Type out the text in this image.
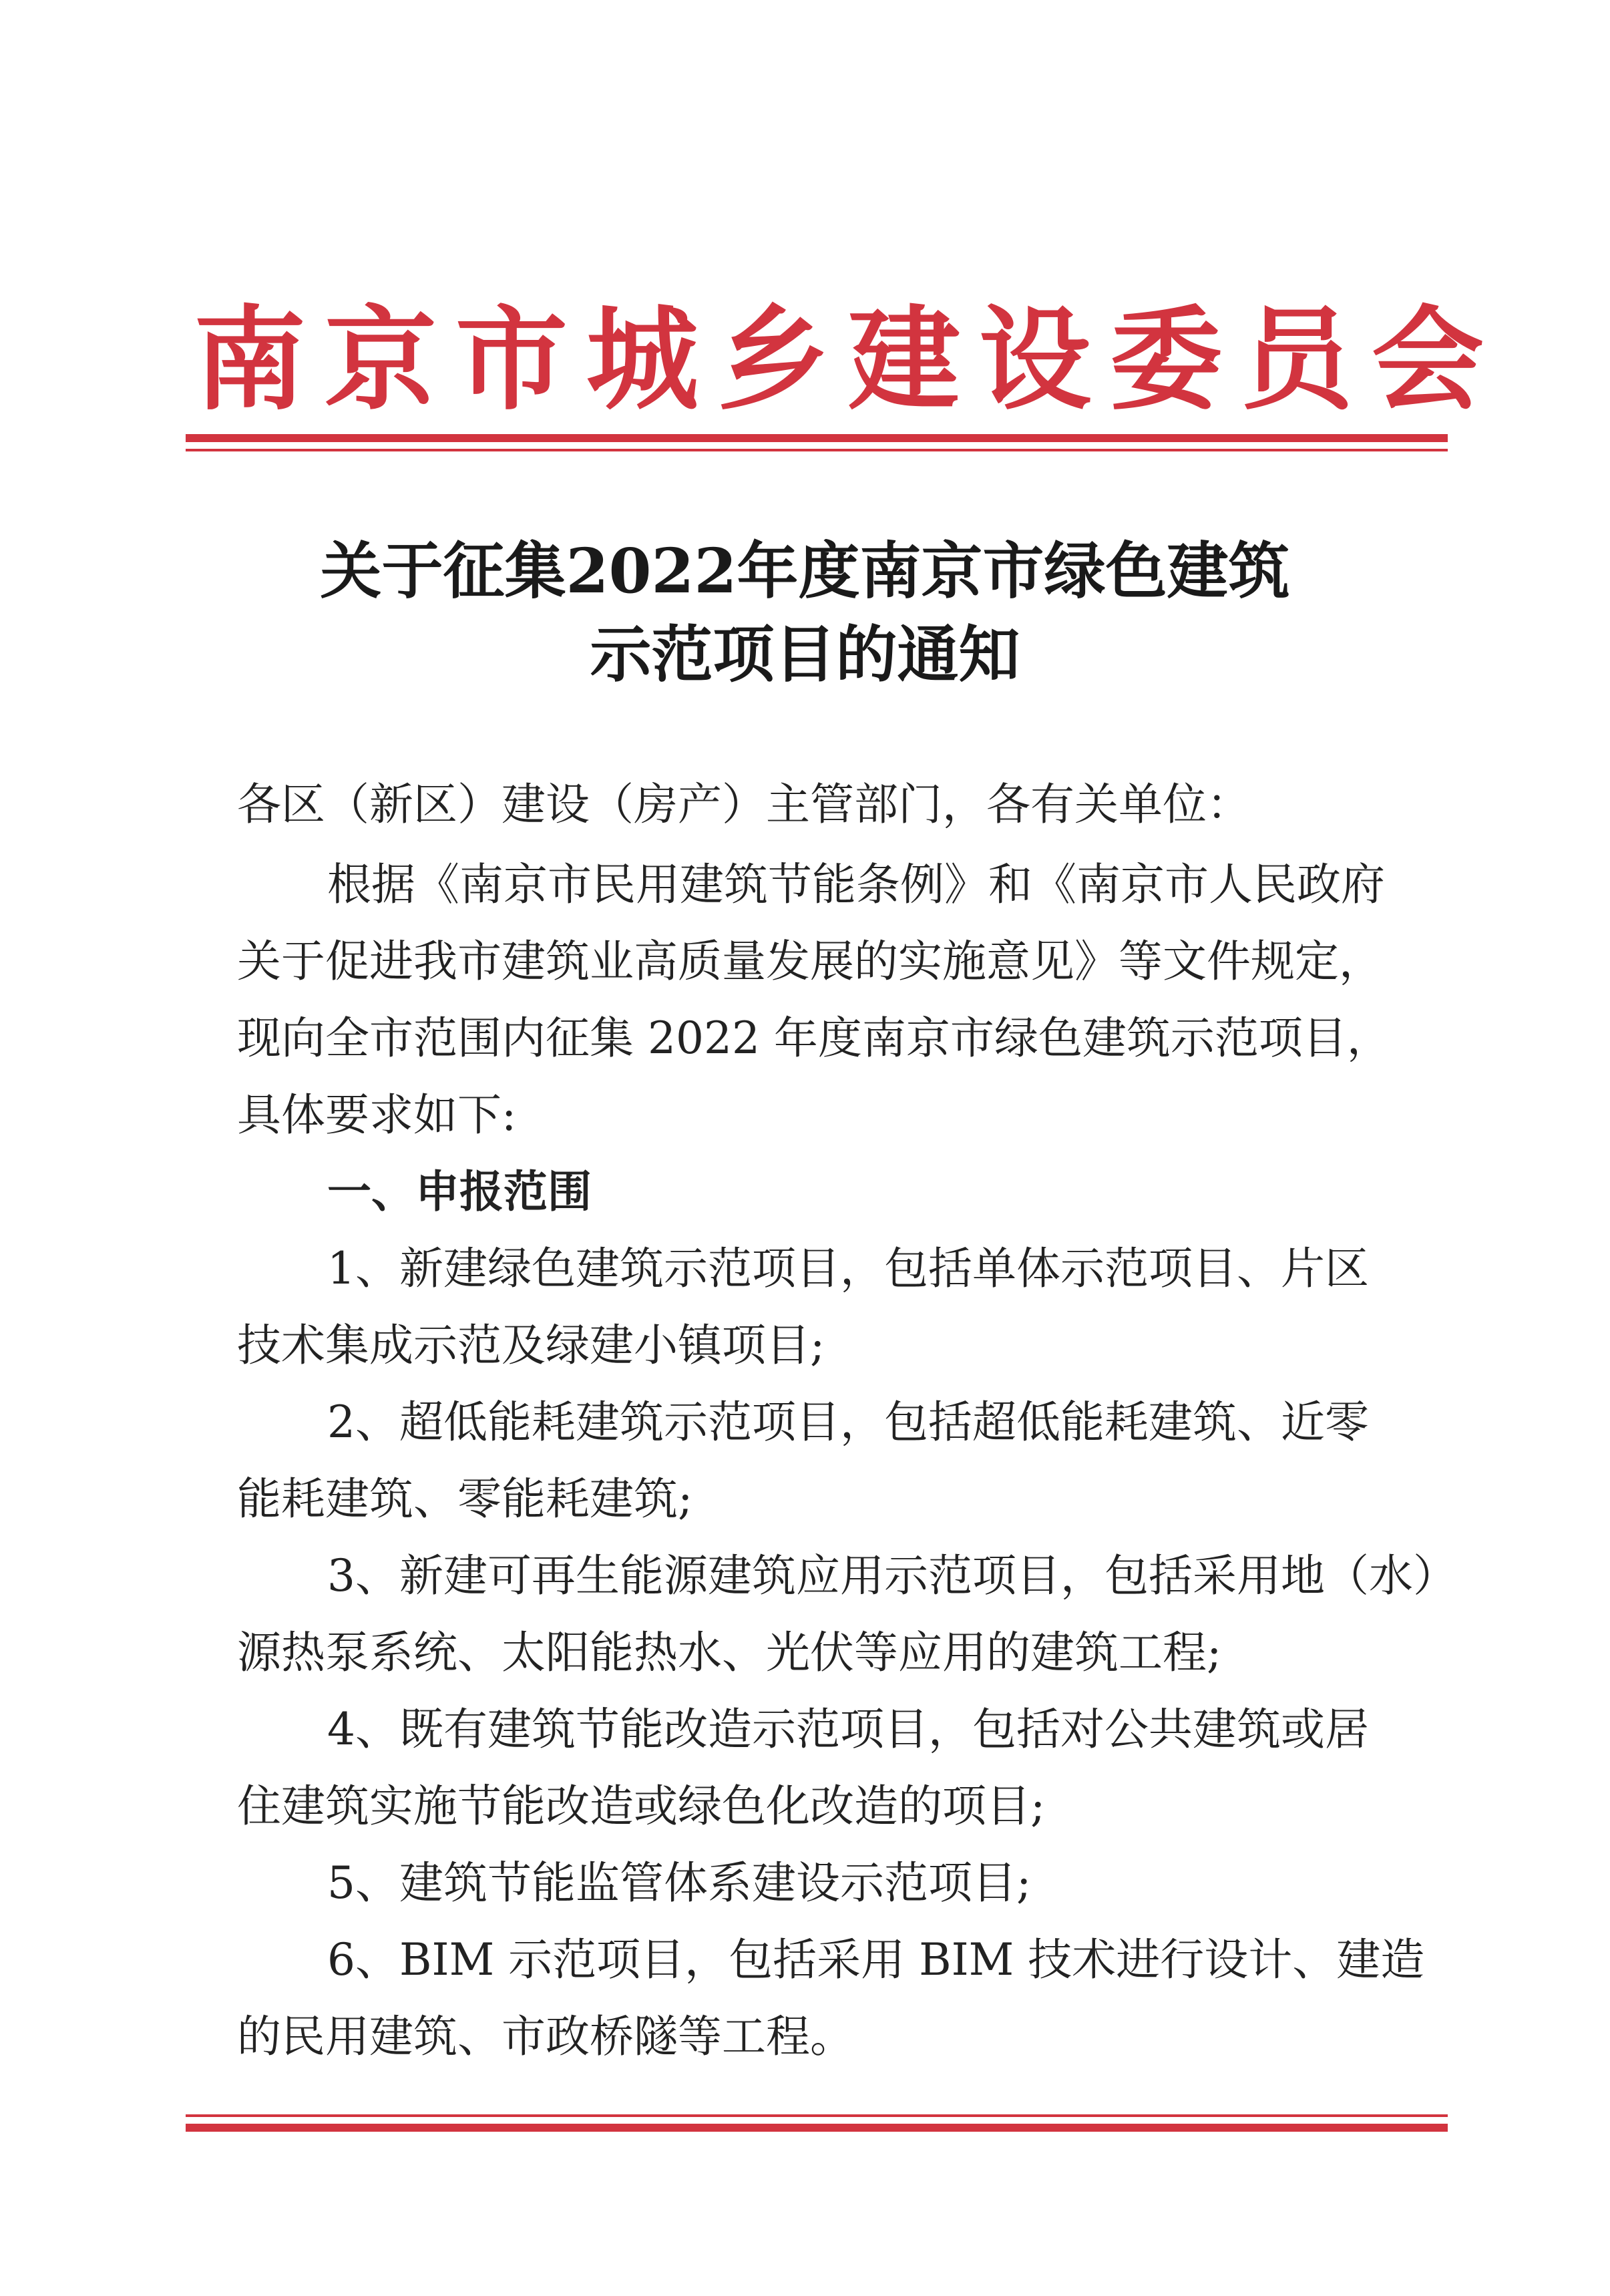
南京市城乡建设委员会
关于征集2022年度南京市绿色建筑
示范项目的通知
各区（新区）建设（房产）主管部门，各有关单位：
根据《南京市民用建筑节能条例》和《南京市人民政府
关于促进我市建筑业高质量发展的实施意见》等文件规定，
现向全市范围内征集 2022 年度南京市绿色建筑示范项目，
具体要求如下:
一、申报范围
1、新建绿色建筑示范项目，包括单体示范项目、片区
技术集成示范及绿建小镇项目;
2、超低能耗建筑示范项目，包括超低能耗建筑、近零
能耗建筑、零能耗建筑;
3、新建可再生能源建筑应用示范项目，包括采用地（水）
源热泵系统、太阳能热水、光伏等应用的建筑工程;
4、既有建筑节能改造示范项目，包括对公共建筑或居
住建筑实施节能改造或绿色化改造的项目;
5、建筑节能监管体系建设示范项目;
6、BIM 示范项目，包括采用 BIM 技术进行设计、建造
的民用建筑、市政桥隧等工程。
